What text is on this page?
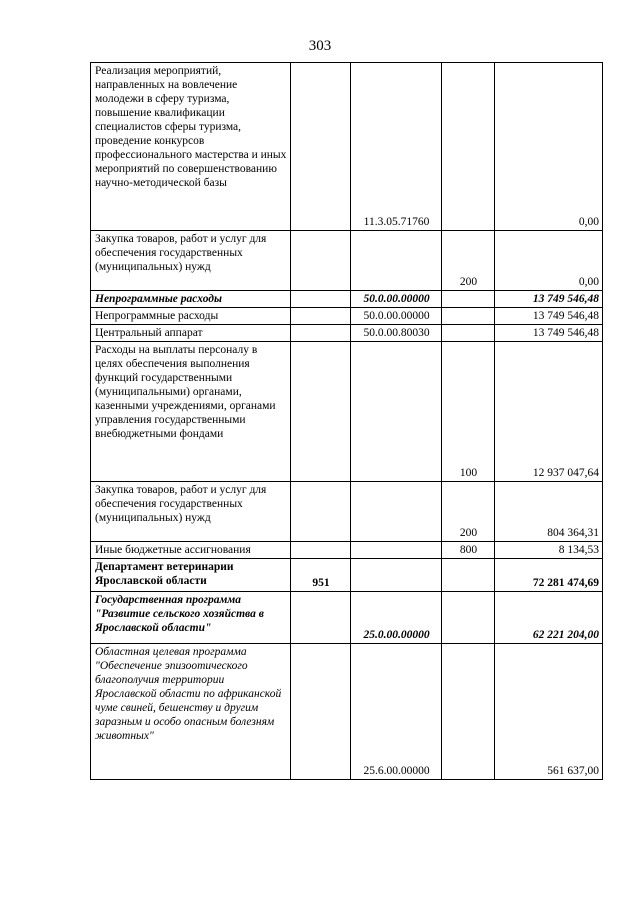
303
Реализация мероприятий, направленных на вовлечение молодежи в сферу туризма, повышение квалификации специалистов сферы туризма, проведение конкурсов профессионального мастерства и иных мероприятий по совершенствованию научно-методической базы		11.3.05.71760		0,00
Закупка товаров, работ и услуг для обеспечения государственных (муниципальных) нужд			200	0,00
Непрограммные расходы		50.0.00.00000		13 749 546,48
Непрограммные расходы		50.0.00.00000		13 749 546,48
Центральный аппарат		50.0.00.80030		13 749 546,48
Расходы на выплаты персоналу в целях обеспечения выполнения функций государственными (муниципальными) органами, казенными учреждениями, органами управления государственными внебюджетными фондами			100	12 937 047,64
Закупка товаров, работ и услуг для обеспечения государственных (муниципальных) нужд			200	804 364,31
Иные бюджетные ассигнования			800	8 134,53
Департамент ветеринарии Ярославской области	951			72 281 474,69
Государственная программа "Развитие сельского хозяйства в Ярославской области"		25.0.00.00000		62 221 204,00
Областная целевая программа "Обеспечение эпизоотического благополучия территории Ярославской области по африканской чуме свиней, бешенству и другим заразным и особо опасным болезням животных"		25.6.00.00000		561 637,00
